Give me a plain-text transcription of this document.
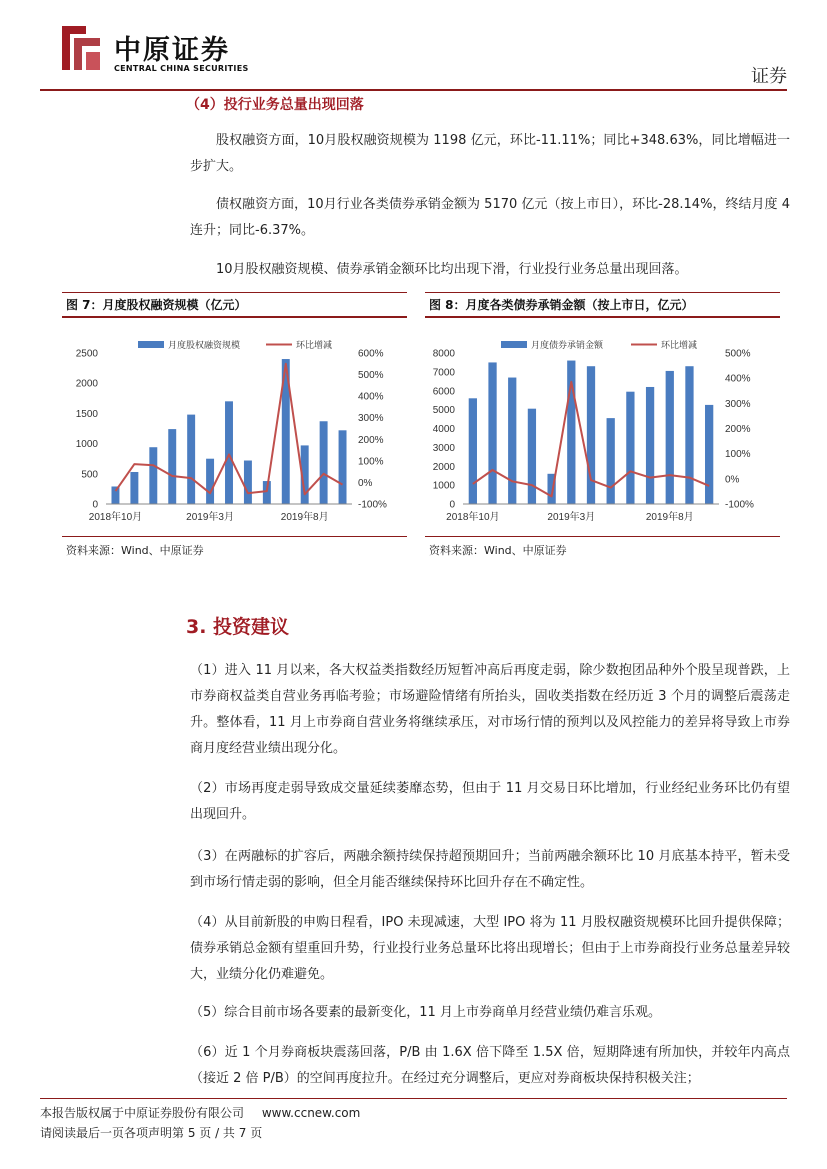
中原证券
CENTRAL CHINA SECURITIES	证券
（4）投行业务总量出现回落

股权融资方面，10月股权融资规模为 1198 亿元，环比-11.11%；同比+348.63%，同比增幅进一步扩大。

债权融资方面，10月行业各类债券承销金额为 5170 亿元（按上市日），环比-28.14%，终结月度 4 连升；同比-6.37%。

10月股权融资规模、债券承销金额环比均出现下滑，行业投行业务总量出现回落。

图 7：月度股权融资规模（亿元）
月度股权融资规模	环比增减
0
500
1000
1500
2000
2500
-100%
0%
100%
200%
300%
400%
500%
600%
2018年10月	2019年3月	2019年8月
资料来源：Wind、中原证券
图 8：月度各类债券承销金额（按上市日，亿元）
月度债券承销金额	环比增减
0
1000
2000
3000
4000
5000
6000
7000
8000
-100%
0%
100%
200%
300%
400%
500%
2018年10月	2019年3月	2019年8月
资料来源：Wind、中原证券
3. 投资建议

（1）进入 11 月以来，各大权益类指数经历短暂冲高后再度走弱，除少数抱团品种外个股呈现普跌，上市券商权益类自营业务再临考验；市场避险情绪有所抬头，固收类指数在经历近 3 个月的调整后震荡走升。整体看，11 月上市券商自营业务将继续承压，对市场行情的预判以及风控能力的差异将导致上市券商月度经营业绩出现分化。

（2）市场再度走弱导致成交量延续萎靡态势，但由于 11 月交易日环比增加，行业经纪业务环比仍有望出现回升。

（3）在两融标的扩容后，两融余额持续保持超预期回升；当前两融余额环比 10 月底基本持平，暂未受到市场行情走弱的影响，但全月能否继续保持环比回升存在不确定性。

（4）从目前新股的申购日程看，IPO 未现减速，大型 IPO 将为 11 月股权融资规模环比回升提供保障；债券承销总金额有望重回升势，行业投行业务总量环比将出现增长；但由于上市券商投行业务总量差异较大，业绩分化仍难避免。

（5）综合目前市场各要素的最新变化，11 月上市券商单月经营业绩仍难言乐观。

（6）近 1 个月券商板块震荡回落，P/B 由 1.6X 倍下降至 1.5X 倍，短期降速有所加快，并较年内高点（接近 2 倍 P/B）的空间再度拉升。在经过充分调整后，更应对券商板块保持积极关注；

本报告版权属于中原证券股份有限公司 www.ccnew.com
请阅读最后一页各项声明第 5 页 / 共 7 页
